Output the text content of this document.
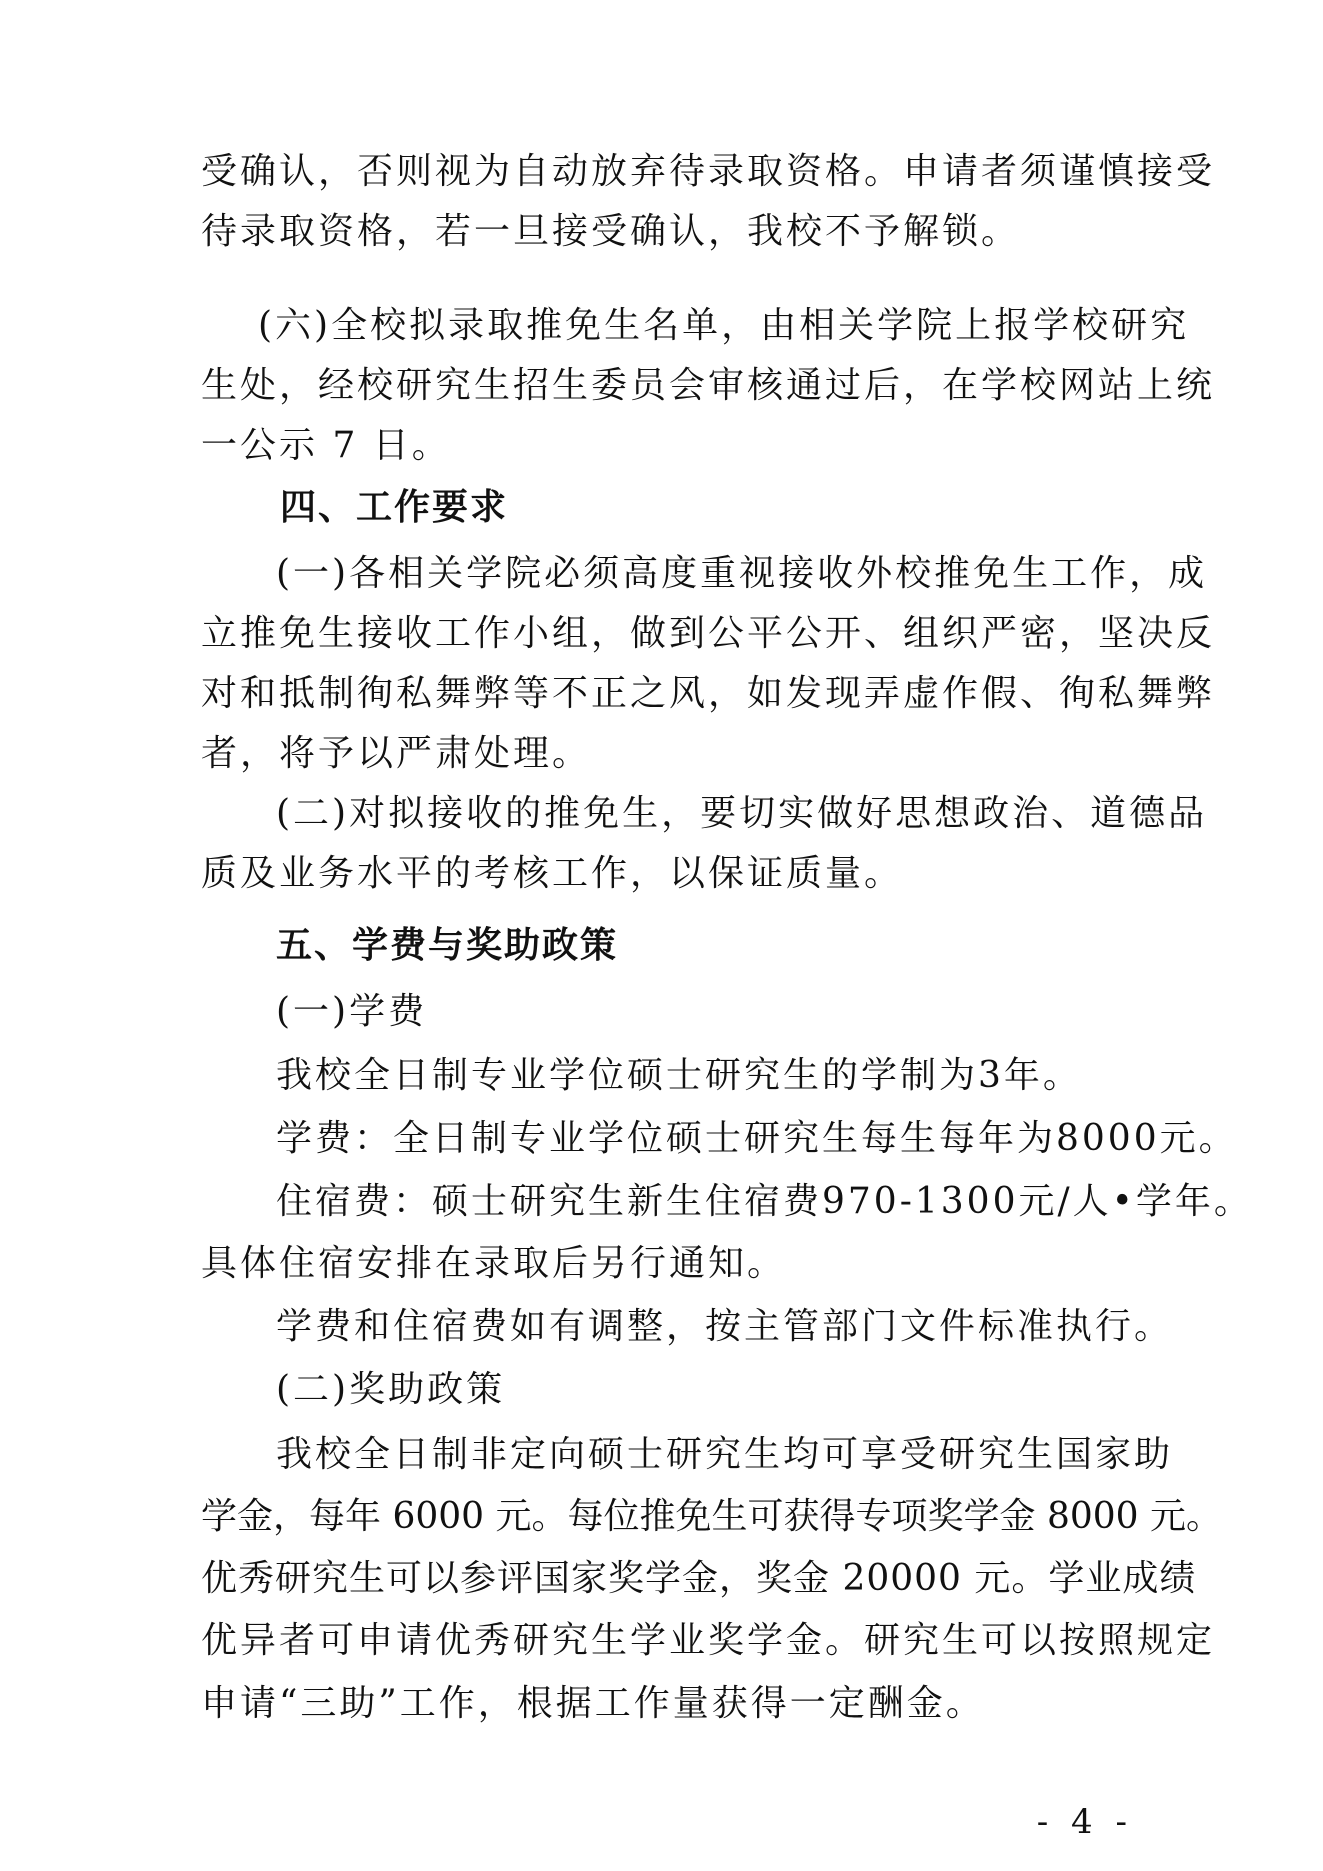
受确认，否则视为自动放弃待录取资格。申请者须谨慎接受
待录取资格，若一旦接受确认，我校不予解锁。
(六)全校拟录取推免生名单，由相关学院上报学校研究
生处，经校研究生招生委员会审核通过后，在学校网站上统
一公示 7 日。
四、工作要求
(一)各相关学院必须高度重视接收外校推免生工作，成
立推免生接收工作小组，做到公平公开、组织严密，坚决反
对和抵制徇私舞弊等不正之风，如发现弄虚作假、徇私舞弊
者，将予以严肃处理。
(二)对拟接收的推免生，要切实做好思想政治、道德品
质及业务水平的考核工作，以保证质量。
五、学费与奖助政策
(一)学费
我校全日制专业学位硕士研究生的学制为3年。
学费：全日制专业学位硕士研究生每生每年为8000元。
住宿费：硕士研究生新生住宿费970-1300元/人•学年。
具体住宿安排在录取后另行通知。
学费和住宿费如有调整，按主管部门文件标准执行。
(二)奖助政策
我校全日制非定向硕士研究生均可享受研究生国家助
学金，每年 6000 元。每位推免生可获得专项奖学金 8000 元。
优秀研究生可以参评国家奖学金，奖金 20000 元。学业成绩
优异者可申请优秀研究生学业奖学金。研究生可以按照规定
申请“三助”工作，根据工作量获得一定酬金。
- 4 -
